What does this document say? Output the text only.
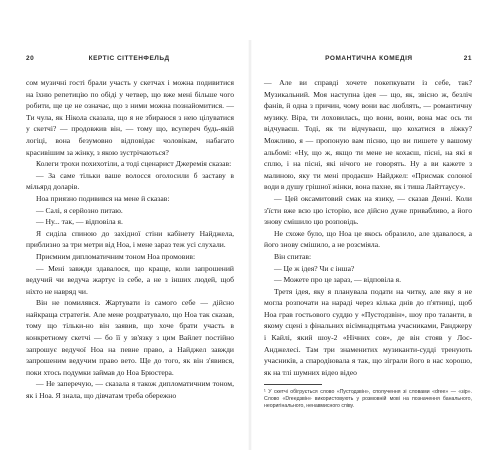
20	КЕРТІС СІТТЕНФЕЛЬД	РОМАНТИЧНА КОМЕДІЯ	21

сом музичні гості брали участь у скетчах і можна подивитися на їхню репетицію по обіді у четвер, що вже мені більше чого робити, ще це не означає, що з ними можна познайомитися. — Ти чула, як Нікола сказала, що я не збираюся з нею цілуватися у скетчі? — продовжив він, — тому що, всупереч будь-якій логіці, вона безумовно відповідає чоловікам, набагато красивішим за жінку, з якою зустрічаються?

Колеги трохи похихотіли, а тоді сценарист Джеремія сказав:

— За саме тільки ваше волосся оголосили б заставу в мільярд доларів.

Ноа приязно подивився на мене й сказав:

— Салі, я серйозно питаю.

— Ну... так, — відповіла я.

Я сиділа спиною до західної стіни кабінету Найджела, приблизно за три метри від Ноа, і мене зараз теж усі слухали.

Приємним дипломатичним тоном Ноа промовив:

— Мені завжди здавалося, що краще, коли запрошений ведучий чи ведуча жартує із себе, а не з інших людей, щоб ніхто не навряд чи.

Він не помилявся. Жартувати із самого себе — дійсно найкраща стратегія. Але мене роздратувало, що Ноа так сказав, тому що тільки-но він заявив, що хоче брати участь в конкретному скетчі — бо її у зв'язку з цим Вайлет постійно запрошує ведучої Ноа на певне право, а Найджел завжди запрошеним ведучим право вето. Ще до того, як він з'явився, поки хтось подумки займав до Ноа Брюстера.

— Не заперечую, — сказала я також дипломатичним тоном, як і Ноа. Я знала, що дівчатам треба обережно

— Але ви справді хочете покепкувати із себе, так? Музикальний. Моя наступна ідея — що, як, звісно ж, безліч фанів, й одна з причин, чому вони вас люблять, — романтичну музику. Віра, ти лоховилась, що вони, вони, вона має ось ти відчуваєш. Тоді, як ти відчуваєш, що кохатися в ліжку? Можливо, я — пропоную вам пісню, що ви пишете у вашому альбомі: «Ну, що ж, якщо ти мене не кохаєш, пісні, на які я сплю, і на пісні, які нічого не говорять. Ну а ви кажете з малиною, яку ти мені продаєш» Найджел: «Присмак солоної води в душу грішної жінки, вона пахне, як і тиша Лайттаусу».

— Цей оксамитовий смак на язику, — сказав Денні. Коли з'їсти вже всю цю історію, все дійсно дуже привабливо, а його знову смішило цю розповідь.

Не схоже було, що Ноа це якось образило, але здавалося, а його знову смішило, а не розсміяла.

Він спитав:

— Це ж ідея? Чи є інша?

— Можете про це зараз, — відповіла я.

Третя ідея, яку я планувала подати на читку, але яку я не могла розпочати на нараді через кілька днів до п'ятниці, щоб Ноа грав гостьового суддю у «Пустодзвін», шоу про таланти, в якому сцені з фінальних вісімнадцятьма учасниками, Ранджеру і Кайлі, який шоу-2 «Нічних сов», де він стояв у Лос-Анджелесі. Там три знаменитих музиканти-судді тренують учасників, а спародіювала я так, що зіграли його в нас хорошо, як на тлі шумних відео відео

¹ У скетчі обігрується слово «Пустодзвін», сполучення зі словами «dree» — «зір». Слово «Dreeдзвін» використовують у розмовній мові на позначення банального, неоригінального, ненавмисного співу.
